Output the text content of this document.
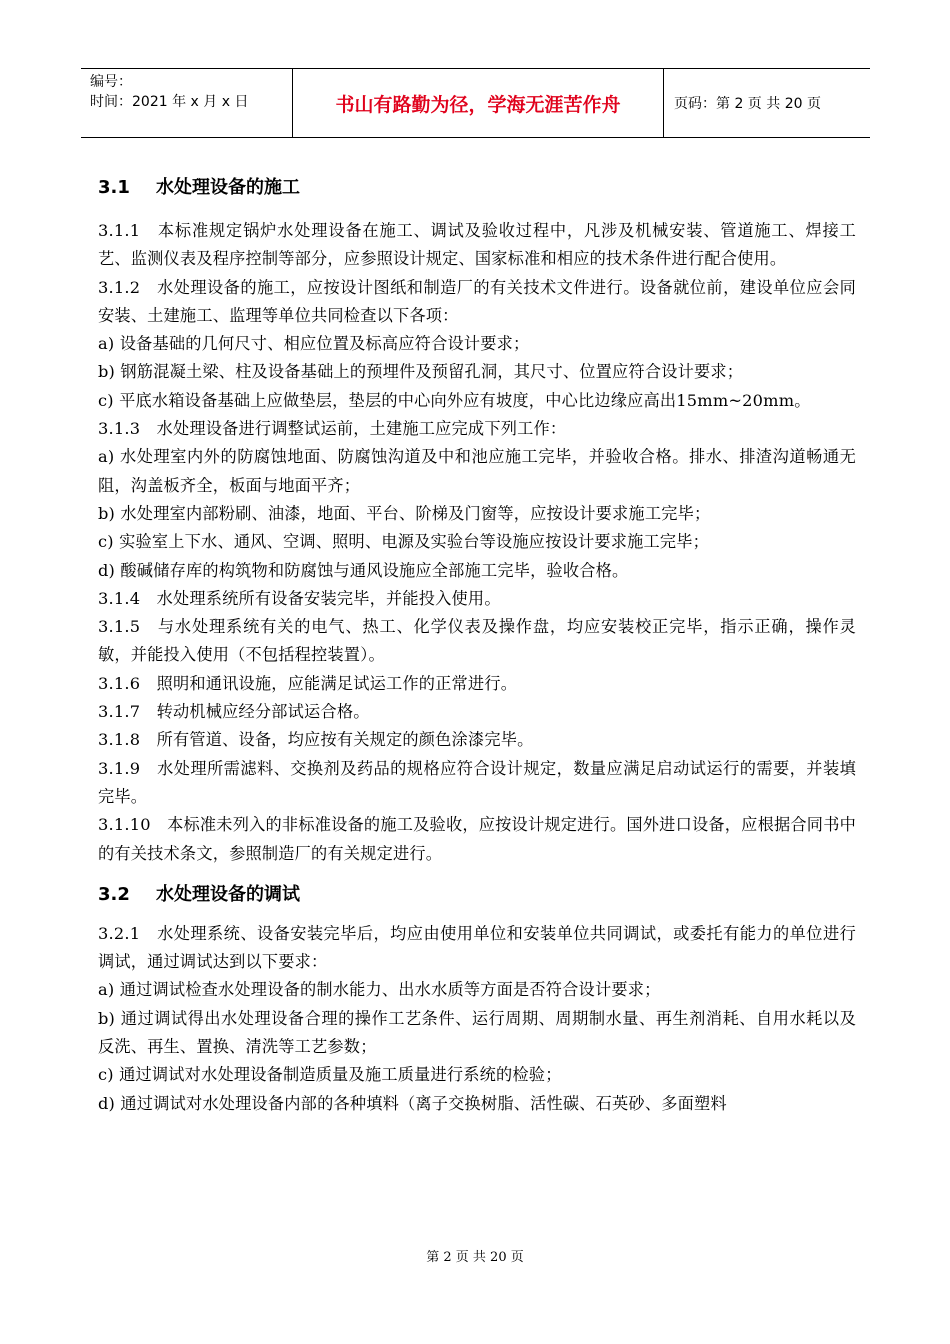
编号：
时间：2021 年 x 月 x 日	书山有路勤为径，学海无涯苦作舟	页码：第 2 页 共 20 页
3.1 水处理设备的施工

3.1.1　本标准规定锅炉水处理设备在施工、调试及验收过程中，凡涉及机械安装、管道施工、焊接工艺、监测仪表及程序控制等部分，应参照设计规定、国家标准和相应的技术条件进行配合使用。

3.1.2　水处理设备的施工，应按设计图纸和制造厂的有关技术文件进行。设备就位前，建设单位应会同安装、土建施工、监理等单位共同检查以下各项：

a) 设备基础的几何尺寸、相应位置及标高应符合设计要求；

b) 钢筋混凝土梁、柱及设备基础上的预埋件及预留孔洞，其尺寸、位置应符合设计要求；

c) 平底水箱设备基础上应做垫层，垫层的中心向外应有坡度，中心比边缘应高出15mm~20mm。

3.1.3　水处理设备进行调整试运前，土建施工应完成下列工作：

a) 水处理室内外的防腐蚀地面、防腐蚀沟道及中和池应施工完毕，并验收合格。排水、排渣沟道畅通无阻，沟盖板齐全，板面与地面平齐；

b) 水处理室内部粉刷、油漆，地面、平台、阶梯及门窗等，应按设计要求施工完毕；

c) 实验室上下水、通风、空调、照明、电源及实验台等设施应按设计要求施工完毕；

d) 酸碱储存库的构筑物和防腐蚀与通风设施应全部施工完毕，验收合格。

3.1.4　水处理系统所有设备安装完毕，并能投入使用。

3.1.5　与水处理系统有关的电气、热工、化学仪表及操作盘，均应安装校正完毕，指示正确，操作灵敏，并能投入使用（不包括程控装置）。

3.1.6　照明和通讯设施，应能满足试运工作的正常进行。

3.1.7　转动机械应经分部试运合格。

3.1.8　所有管道、设备，均应按有关规定的颜色涂漆完毕。

3.1.9　水处理所需滤料、交换剂及药品的规格应符合设计规定，数量应满足启动试运行的需要，并装填完毕。

3.1.10　本标准未列入的非标准设备的施工及验收，应按设计规定进行。国外进口设备，应根据合同书中的有关技术条文，参照制造厂的有关规定进行。

3.2 水处理设备的调试

3.2.1　水处理系统、设备安装完毕后，均应由使用单位和安装单位共同调试，或委托有能力的单位进行调试，通过调试达到以下要求：

a) 通过调试检查水处理设备的制水能力、出水水质等方面是否符合设计要求；

b) 通过调试得出水处理设备合理的操作工艺条件、运行周期、周期制水量、再生剂消耗、自用水耗以及反洗、再生、置换、清洗等工艺参数；

c) 通过调试对水处理设备制造质量及施工质量进行系统的检验；

d) 通过调试对水处理设备内部的各种填料（离子交换树脂、活性碳、石英砂、多面塑料

第 2 页 共 20 页
